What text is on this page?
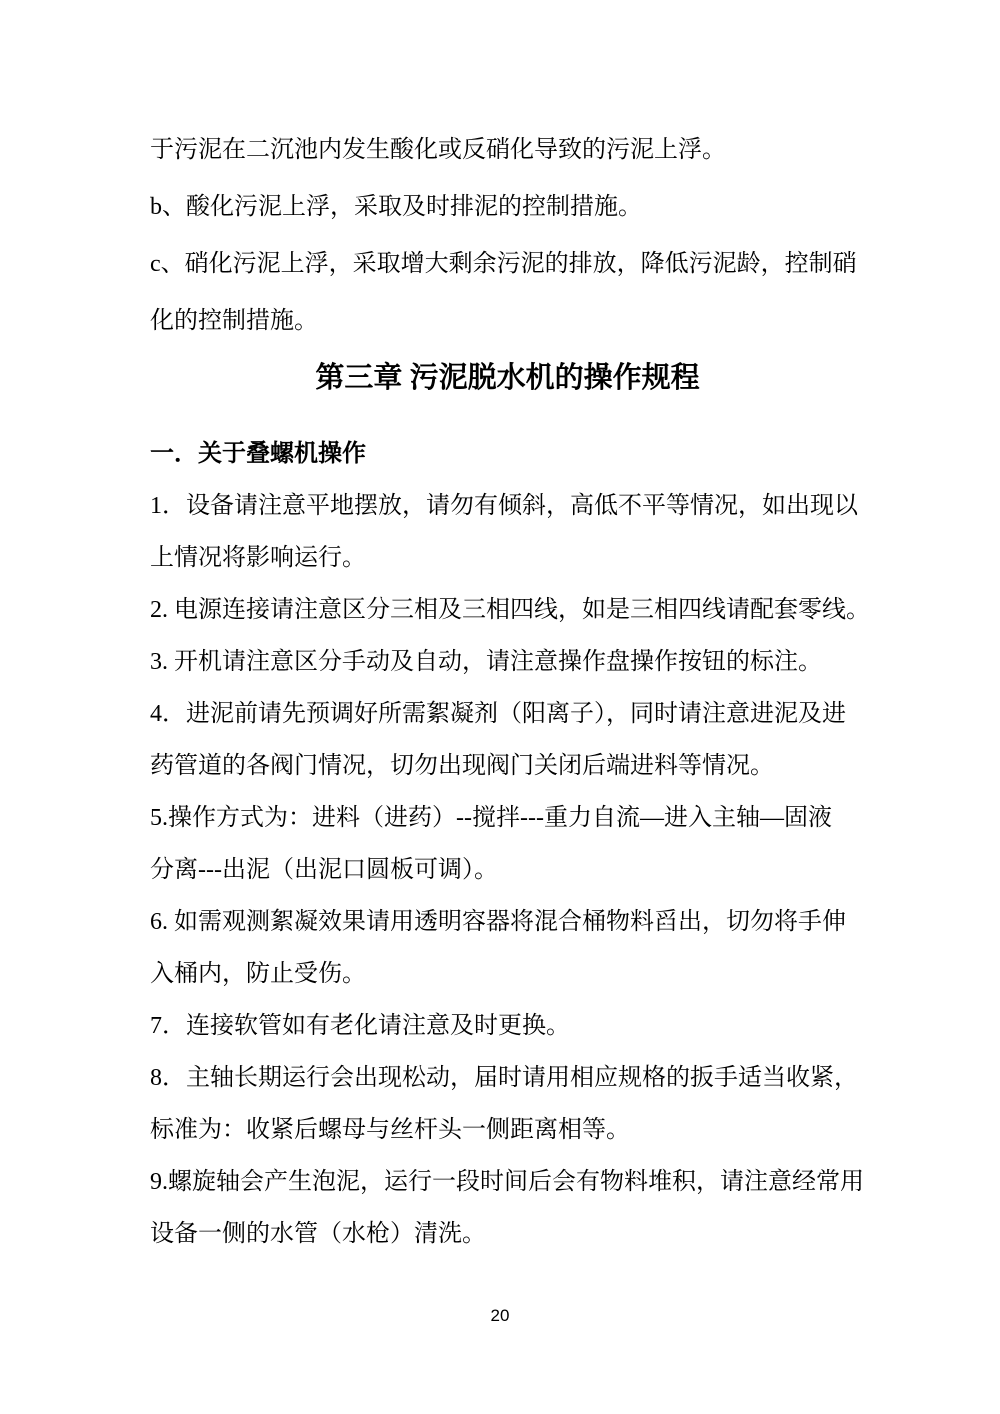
于污泥在二沉池内发生酸化或反硝化导致的污泥上浮。
b、酸化污泥上浮，采取及时排泥的控制措施。
c、硝化污泥上浮，采取增大剩余污泥的排放，降低污泥龄，控制硝
化的控制措施。
第三章 污泥脱水机的操作规程
一．关于叠螺机操作
1．设备请注意平地摆放，请勿有倾斜，高低不平等情况，如出现以
上情况将影响运行。
2. 电源连接请注意区分三相及三相四线，如是三相四线请配套零线。
3. 开机请注意区分手动及自动，请注意操作盘操作按钮的标注。
4．进泥前请先预调好所需絮凝剂（阳离子），同时请注意进泥及进
药管道的各阀门情况，切勿出现阀门关闭后端进料等情况。
5.操作方式为：进料（进药）--搅拌---重力自流—进入主轴—固液
分离---出泥（出泥口圆板可调）。
6. 如需观测絮凝效果请用透明容器将混合桶物料舀出，切勿将手伸
入桶内，防止受伤。
7．连接软管如有老化请注意及时更换。
8．主轴长期运行会出现松动，届时请用相应规格的扳手适当收紧，
标准为：收紧后螺母与丝杆头一侧距离相等。
9.螺旋轴会产生泡泥，运行一段时间后会有物料堆积，请注意经常用
设备一侧的水管（水枪）清洗。
20
